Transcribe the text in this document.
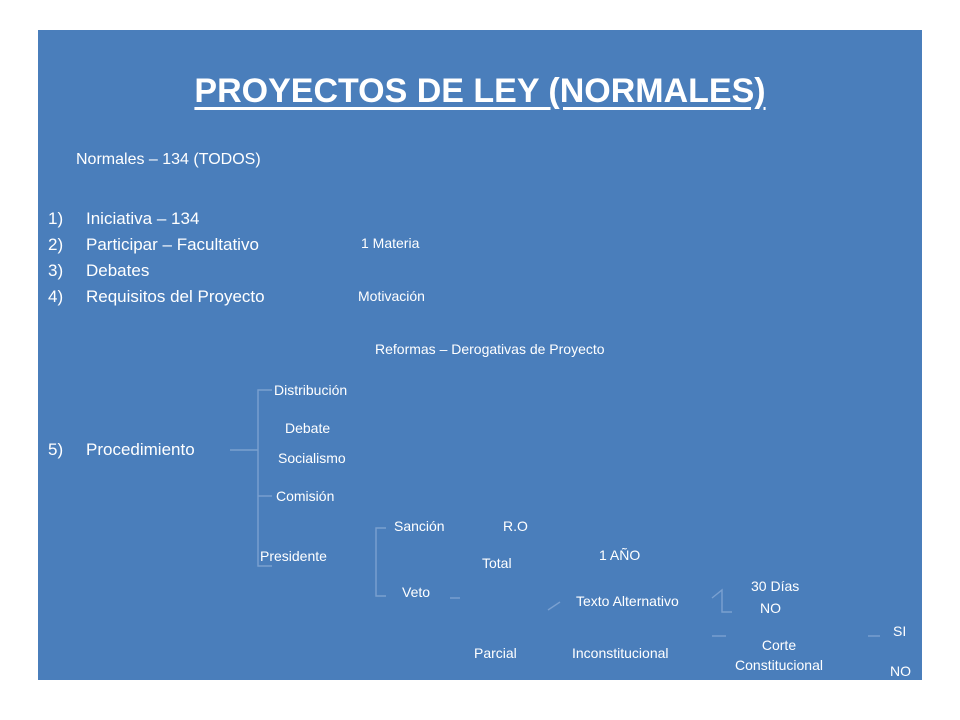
PROYECTOS DE LEY (NORMALES)
Normales – 134 (TODOS)
1) Iniciativa – 134
2) Participar – Facultativo
3) Debates
4) Requisitos del Proyecto
5) Procedimiento
1 Materia
Motivación
Reformas – Derogativas de Proyecto
Distribución
Debate
Socialismo
Comisión
Presidente
Sanción	R.O
Veto
Total	1 AÑO
Parcial
Texto Alternativo
Inconstitucional
30 Días
NO
Corte Constitucional
SI
NO
